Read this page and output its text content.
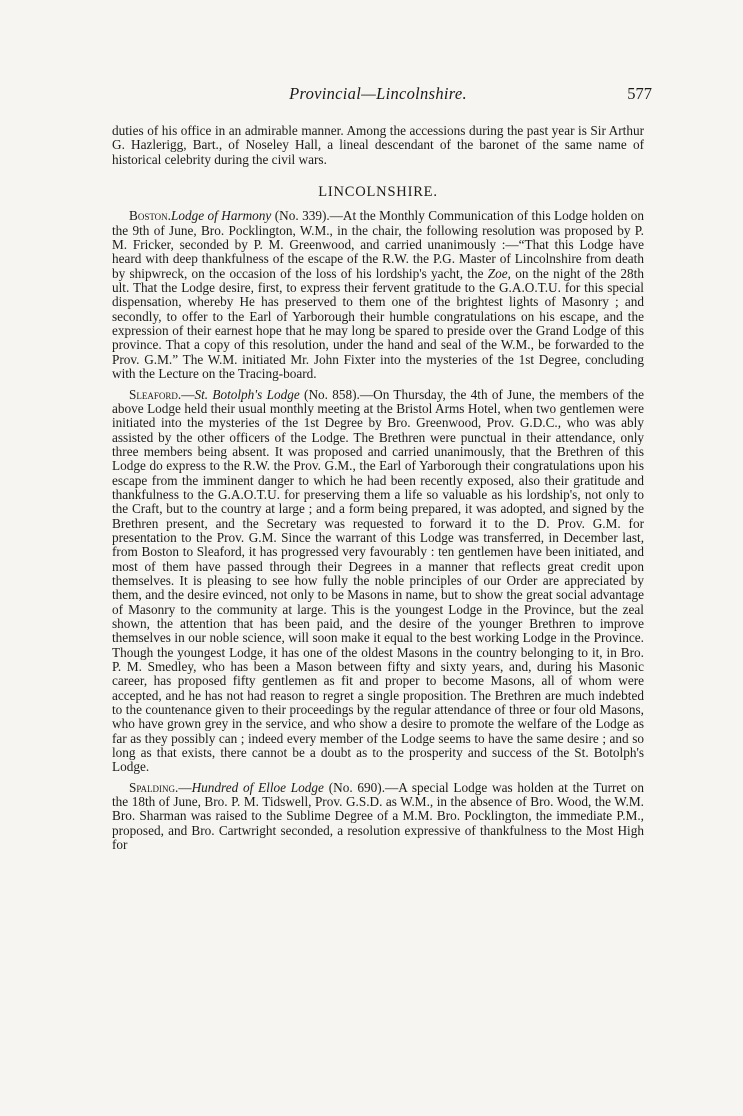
Provincial—Lincolnshire.	577

duties of his office in an admirable manner. Among the accessions during the past year is Sir Arthur G. Hazlerigg, Bart., of Noseley Hall, a lineal descendant of the baronet of the same name of historical celebrity during the civil wars.

LINCOLNSHIRE.

Boston.Lodge of Harmony (No. 339).—At the Monthly Communication of this Lodge holden on the 9th of June, Bro. Pocklington, W.M., in the chair, the following resolution was proposed by P. M. Fricker, seconded by P. M. Greenwood, and carried unanimously :—“That this Lodge have heard with deep thankfulness of the escape of the R.W. the P.G. Master of Lincolnshire from death by shipwreck, on the occasion of the loss of his lordship's yacht, the Zoe, on the night of the 28th ult. That the Lodge desire, first, to express their fervent gratitude to the G.A.O.T.U. for this special dispensation, whereby He has preserved to them one of the brightest lights of Masonry ; and secondly, to offer to the Earl of Yarborough their humble congratulations on his escape, and the expression of their earnest hope that he may long be spared to preside over the Grand Lodge of this province. That a copy of this resolution, under the hand and seal of the W.M., be forwarded to the Prov. G.M.” The W.M. initiated Mr. John Fixter into the mysteries of the 1st Degree, concluding with the Lecture on the Tracing-board.

Sleaford.—St. Botolph's Lodge (No. 858).—On Thursday, the 4th of June, the members of the above Lodge held their usual monthly meeting at the Bristol Arms Hotel, when two gentlemen were initiated into the mysteries of the 1st Degree by Bro. Greenwood, Prov. G.D.C., who was ably assisted by the other officers of the Lodge. The Brethren were punctual in their attendance, only three members being absent. It was proposed and carried unanimously, that the Brethren of this Lodge do express to the R.W. the Prov. G.M., the Earl of Yarborough their congratulations upon his escape from the imminent danger to which he had been recently exposed, also their gratitude and thankfulness to the G.A.O.T.U. for preserving them a life so valuable as his lordship's, not only to the Craft, but to the country at large ; and a form being prepared, it was adopted, and signed by the Brethren present, and the Secretary was requested to forward it to the D. Prov. G.M. for presentation to the Prov. G.M. Since the warrant of this Lodge was transferred, in December last, from Boston to Sleaford, it has progressed very favourably : ten gentlemen have been initiated, and most of them have passed through their Degrees in a manner that reflects great credit upon themselves. It is pleasing to see how fully the noble principles of our Order are appreciated by them, and the desire evinced, not only to be Masons in name, but to show the great social advantage of Masonry to the community at large. This is the youngest Lodge in the Province, but the zeal shown, the attention that has been paid, and the desire of the younger Brethren to improve themselves in our noble science, will soon make it equal to the best working Lodge in the Province. Though the youngest Lodge, it has one of the oldest Masons in the country belonging to it, in Bro. P. M. Smedley, who has been a Mason between fifty and sixty years, and, during his Masonic career, has proposed fifty gentlemen as fit and proper to become Masons, all of whom were accepted, and he has not had reason to regret a single proposition. The Brethren are much indebted to the countenance given to their proceedings by the regular attendance of three or four old Masons, who have grown grey in the service, and who show a desire to promote the welfare of the Lodge as far as they possibly can ; indeed every member of the Lodge seems to have the same desire ; and so long as that exists, there cannot be a doubt as to the prosperity and success of the St. Botolph's Lodge.

Spalding.—Hundred of Elloe Lodge (No. 690).—A special Lodge was holden at the Turret on the 18th of June, Bro. P. M. Tidswell, Prov. G.S.D. as W.M., in the absence of Bro. Wood, the W.M. Bro. Sharman was raised to the Sublime Degree of a M.M. Bro. Pocklington, the immediate P.M., proposed, and Bro. Cartwright seconded, a resolution expressive of thankfulness to the Most High for
